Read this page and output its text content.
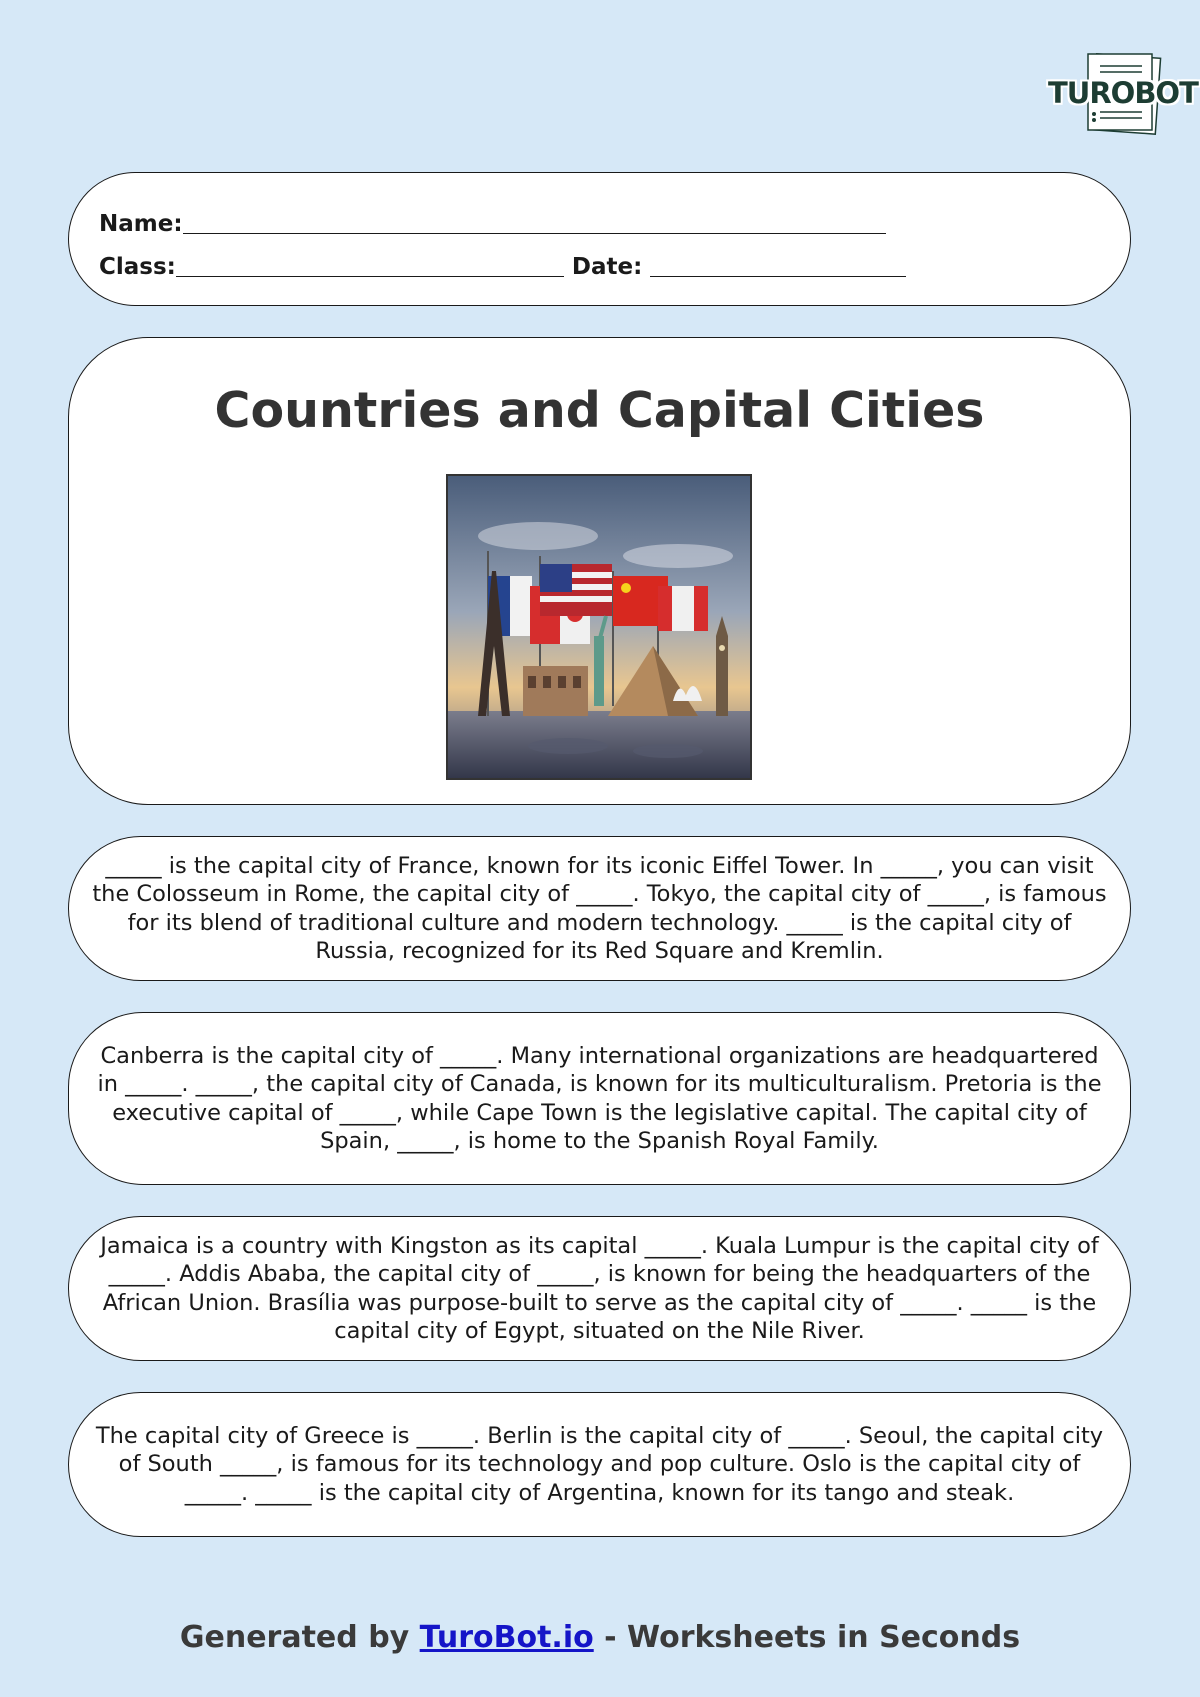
TUROBOT
Name:
Class:	Date:
Countries and Capital Cities
_____ is the capital city of France, known for its iconic Eiffel Tower. In _____, you can visit the Colosseum in Rome, the capital city of _____. Tokyo, the capital city of _____, is famous for its blend of traditional culture and modern technology. _____ is the capital city of Russia, recognized for its Red Square and Kremlin.
Canberra is the capital city of _____. Many international organizations are headquartered in _____. _____, the capital city of Canada, is known for its multiculturalism. Pretoria is the executive capital of _____, while Cape Town is the legislative capital. The capital city of Spain, _____, is home to the Spanish Royal Family.
Jamaica is a country with Kingston as its capital _____. Kuala Lumpur is the capital city of _____. Addis Ababa, the capital city of _____, is known for being the headquarters of the African Union. Brasília was purpose-built to serve as the capital city of _____. _____ is the capital city of Egypt, situated on the Nile River.
The capital city of Greece is _____. Berlin is the capital city of _____. Seoul, the capital city of South _____, is famous for its technology and pop culture. Oslo is the capital city of _____. _____ is the capital city of Argentina, known for its tango and steak.
Generated by TuroBot.io - Worksheets in Seconds
